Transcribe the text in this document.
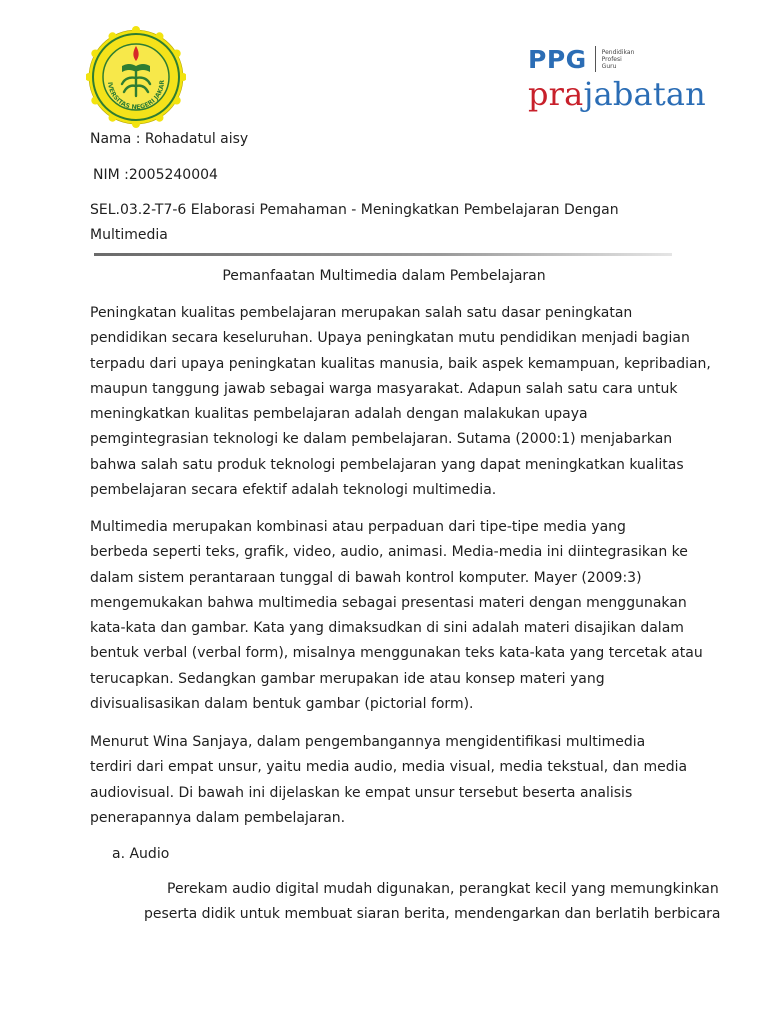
IVERSITAS NEGERI JAKAR
PPG	Pendidikan
Profesi
Guru
prajabatan
Nama : Rohadatul aisy
NIM :2005240004
SEL.03.2-T7-6 Elaborasi Pemahaman - Meningkatkan Pembelajaran Dengan
Multimedia
Pemanfaatan Multimedia dalam Pembelajaran
Peningkatan kualitas pembelajaran merupakan salah satu dasar peningkatan
pendidikan secara keseluruhan. Upaya peningkatan mutu pendidikan menjadi bagian
terpadu dari upaya peningkatan kualitas manusia, baik aspek kemampuan, kepribadian,
maupun tanggung jawab sebagai warga masyarakat. Adapun salah satu cara untuk
meningkatkan kualitas pembelajaran adalah dengan malakukan upaya
pemgintegrasian teknologi ke dalam pembelajaran. Sutama (2000:1) menjabarkan
bahwa salah satu produk teknologi pembelajaran yang dapat meningkatkan kualitas
pembelajaran secara efektif adalah teknologi multimedia.
Multimedia merupakan kombinasi atau perpaduan dari tipe-tipe media yang
berbeda seperti teks, grafik, video, audio, animasi. Media-media ini diintegrasikan ke
dalam sistem perantaraan tunggal di bawah kontrol komputer. Mayer (2009:3)
mengemukakan bahwa multimedia sebagai presentasi materi dengan menggunakan
kata-kata dan gambar. Kata yang dimaksudkan di sini adalah materi disajikan dalam
bentuk verbal (verbal form), misalnya menggunakan teks kata-kata yang tercetak atau
terucapkan. Sedangkan gambar merupakan ide atau konsep materi yang
divisualisasikan dalam bentuk gambar (pictorial form).
Menurut Wina Sanjaya, dalam pengembangannya mengidentifikasi multimedia
terdiri dari empat unsur, yaitu media audio, media visual, media tekstual, dan media
audiovisual. Di bawah ini dijelaskan ke empat unsur tersebut beserta analisis
penerapannya dalam pembelajaran.
a. Audio
Perekam audio digital mudah digunakan, perangkat kecil yang memungkinkan
peserta didik untuk membuat siaran berita, mendengarkan dan berlatih berbicara
